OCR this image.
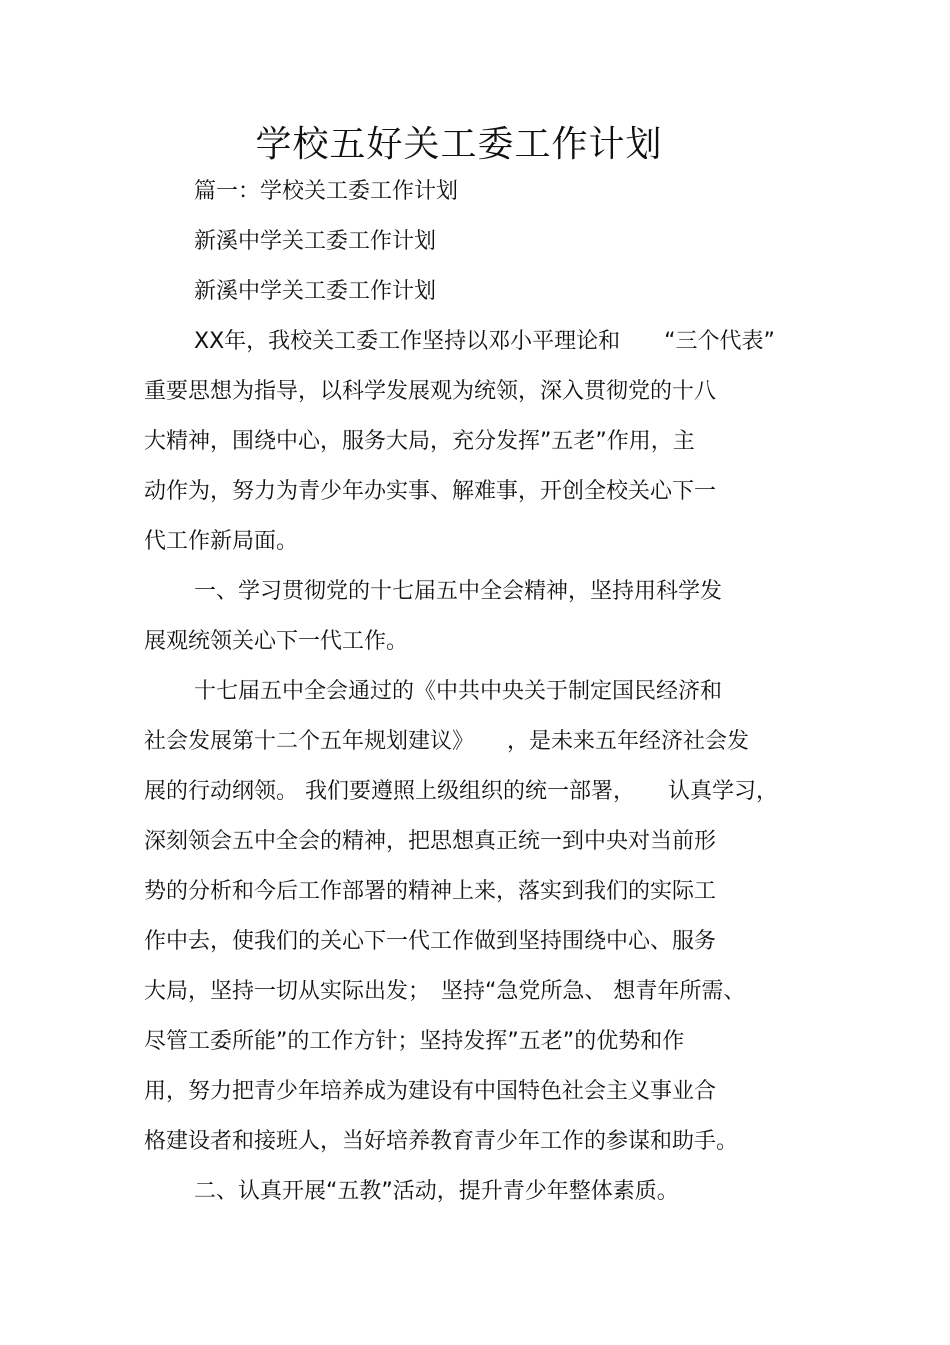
学校五好关工委工作计划

篇一：学校关工委工作计划

新溪中学关工委工作计划

新溪中学关工委工作计划

XX年，我校关工委工作坚持以邓小平理论和　　“三个代表”

重要思想为指导，以科学发展观为统领，深入贯彻党的十八

大精神，围绕中心，服务大局，充分发挥”五老”作用，主

动作为，努力为青少年办实事、解难事，开创全校关心下一

代工作新局面。

一、学习贯彻党的十七届五中全会精神，坚持用科学发

展观统领关心下一代工作。

十七届五中全会通过的《中共中央关于制定国民经济和

社会发展第十二个五年规划建议》　　，是未来五年经济社会发

展的行动纲领。 我们要遵照上级组织的统一部署，　　认真学习，

深刻领会五中全会的精神，把思想真正统一到中央对当前形

势的分析和今后工作部署的精神上来，落实到我们的实际工

作中去，使我们的关心下一代工作做到坚持围绕中心、服务

大局，坚持一切从实际出发；　坚持“急党所急、 想青年所需、

尽管工委所能”的工作方针；坚持发挥”五老”的优势和作

用，努力把青少年培养成为建设有中国特色社会主义事业合

格建设者和接班人，当好培养教育青少年工作的参谋和助手。

二、认真开展“五教”活动，提升青少年整体素质。
